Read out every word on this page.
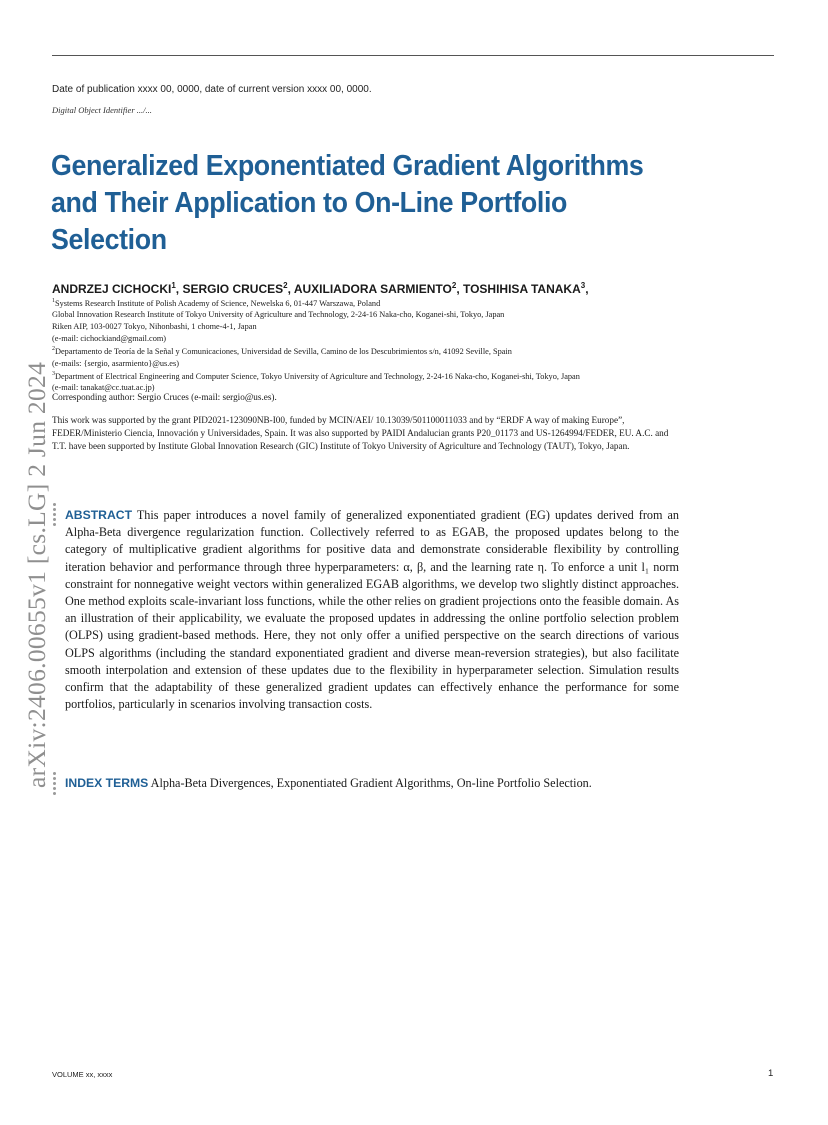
Date of publication xxxx 00, 0000, date of current version xxxx 00, 0000.
Digital Object Identifier .../...
Generalized Exponentiated Gradient Algorithms
and Their Application to On-Line Portfolio
Selection
ANDRZEJ CICHOCKI$^1$, SERGIO CRUCES$^2$, AUXILIADORA SARMIENTO$^2$, TOSHIHISA TANAKA$^3$,
$^1$Systems Research Institute of Polish Academy of Science, Newelska 6, 01-447 Warszawa, Poland
Global Innovation Research Institute of Tokyo University of Agriculture and Technology, 2-24-16 Naka-cho, Koganei-shi, Tokyo, Japan
Riken AIP, 103-0027 Tokyo, Nihonbashi, 1 chome-4-1, Japan
(e-mail: cichockiand@gmail.com)
$^2$Departamento de Teoría de la Señal y Comunicaciones, Universidad de Sevilla, Camino de los Descubrimientos s/n, 41092 Seville, Spain
(e-mails: {sergio, asarmiento}@us.es)
$^3$Department of Electrical Engineering and Computer Science, Tokyo University of Agriculture and Technology, 2-24-16 Naka-cho, Koganei-shi, Tokyo, Japan
(e-mail: tanakat@cc.tuat.ac.jp)
Corresponding author: Sergio Cruces (e-mail: sergio@us.es).
This work was supported by the grant PID2021-123090NB-I00, funded by MCIN/AEI/ 10.13039/501100011033 and by “ERDF A way of making Europe”, FEDER/Ministerio Ciencia, Innovación y Universidades, Spain. It was also supported by PAIDI Andalucian grants P20_01173 and US-1264994/FEDER, EU. A.C. and T.T. have been supported by Institute Global Innovation Research (GIC) Institute of Tokyo University of Agriculture and Technology (TAUT), Tokyo, Japan.
arXiv:2406.00655v1 [cs.LG] 2 Jun 2024 ABSTRACT This paper introduces a novel family of generalized exponentiated gradient (EG) updates derived from an Alpha-Beta divergence regularization function. Collectively referred to as EGAB, the proposed updates belong to the category of multiplicative gradient algorithms for positive data and demonstrate considerable flexibility by controlling iteration behavior and performance through three hyperparameters: α, β, and the learning rate η. To enforce a unit l₁ norm constraint for nonnegative weight vectors within generalized EGAB algorithms, we develop two slightly distinct approaches. One method exploits scale-invariant loss functions, while the other relies on gradient projections onto the feasible domain. As an illustration of their applicability, we evaluate the proposed updates in addressing the online portfolio selection problem (OLPS) using gradient-based methods. Here, they not only offer a unified perspective on the search directions of various OLPS algorithms (including the standard exponentiated gradient and diverse mean-reversion strategies), but also facilitate smooth interpolation and extension of these updates due to the flexibility in hyperparameter selection. Simulation results confirm that the adaptability of these generalized gradient updates can effectively enhance the performance for some portfolios, particularly in scenarios involving transaction costs.
INDEX TERMS Alpha-Beta Divergences, Exponentiated Gradient Algorithms, On-line Portfolio Selection.
VOLUME xx, xxxx	1
